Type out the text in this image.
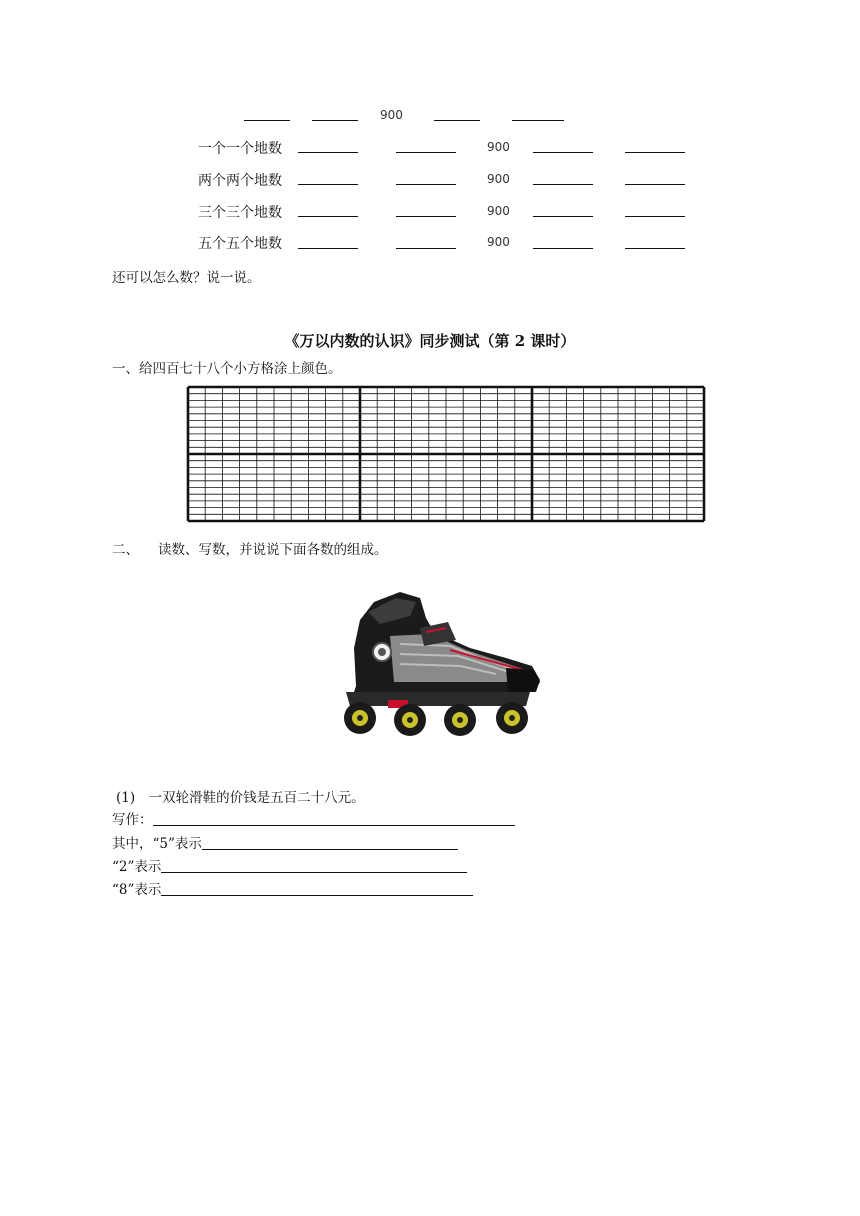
900
一个一个地数	900
两个两个地数	900
三个三个地数	900
五个五个地数	900
还可以怎么数？说一说。
《万以内数的认识》同步测试（第 2 课时）
一、给四百七十八个小方格涂上颜色。
二、 读数、写数，并说说下面各数的组成。
(1)　一双轮滑鞋的价钱是五百二十八元。
写作：
其中，“5”表示
“2”表示
“8”表示
